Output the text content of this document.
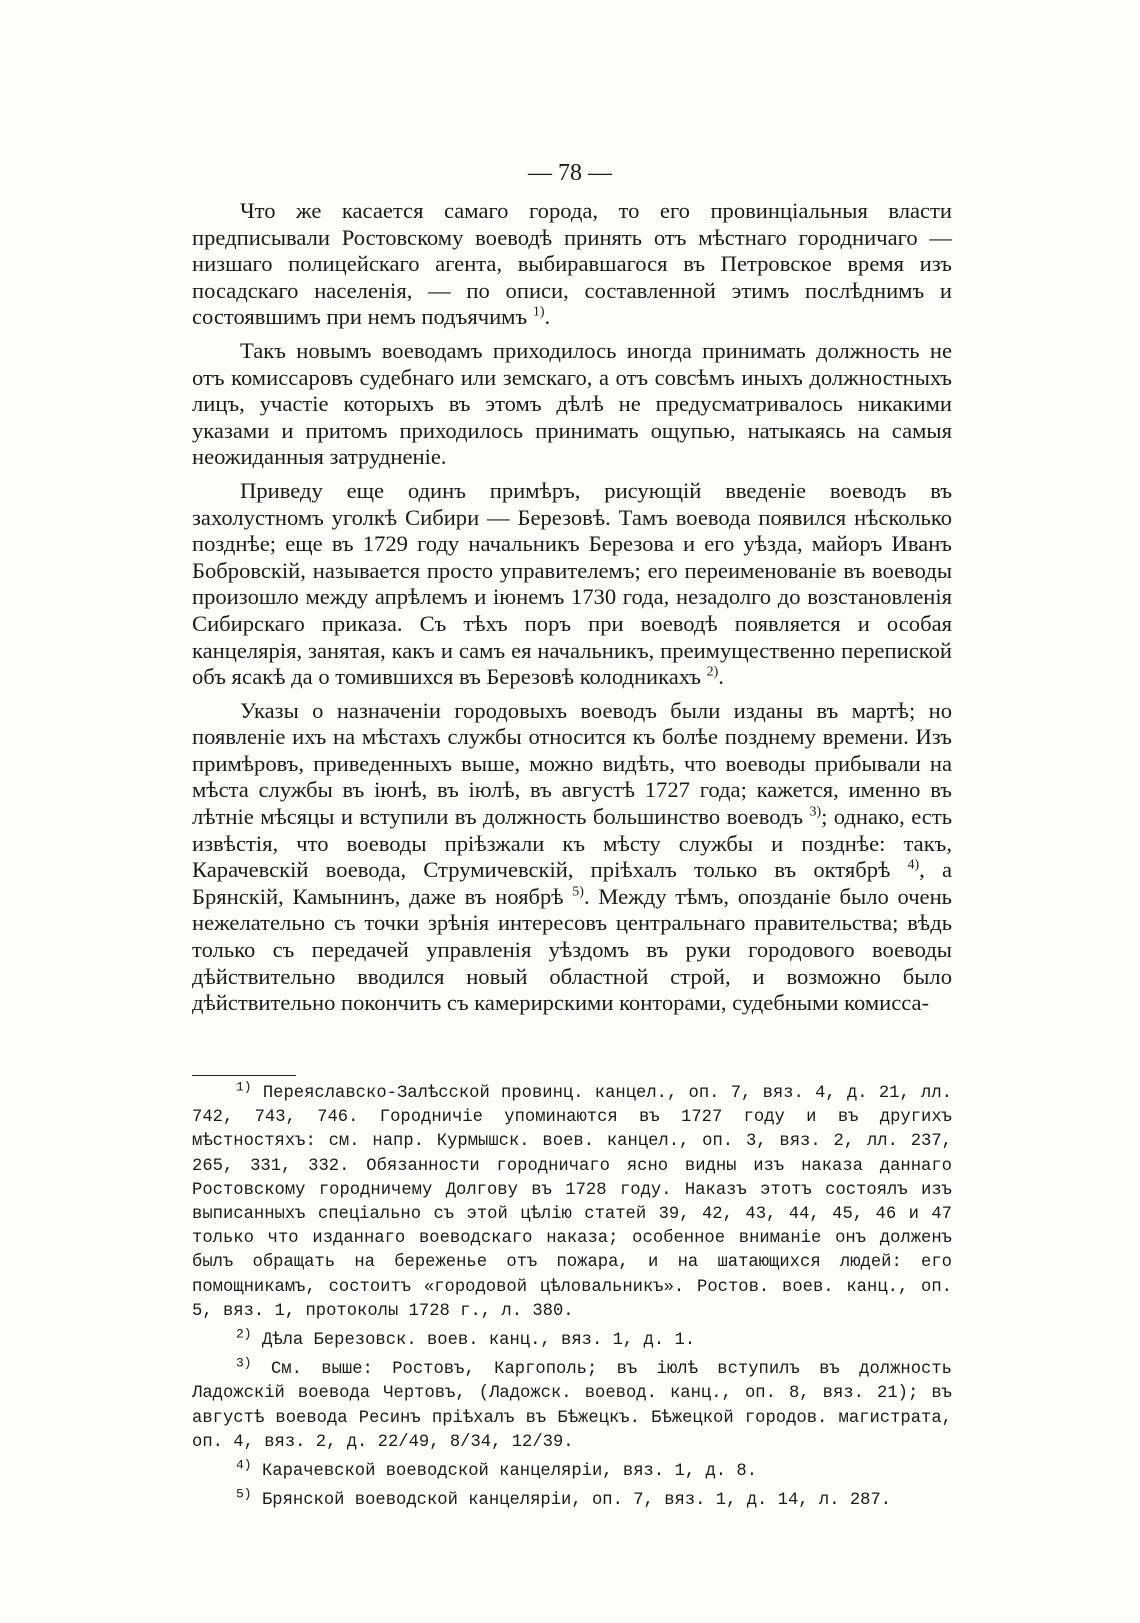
— 78 —

Что же касается самаго города, то его провинціальныя власти предписывали Ростовскому воеводѣ принять отъ мѣстнаго городничаго — низшаго полицейскаго агента, выбиравшагося въ Петровское время изъ посадскаго населенія, — по описи, составленной этимъ послѣднимъ и состоявшимъ при немъ подъячимъ $^{1)}$.

Такъ новымъ воеводамъ приходилось иногда принимать должность не отъ комиссаровъ судебнаго или земскаго, а отъ совсѣмъ иныхъ должностныхъ лицъ, участіе которыхъ въ этомъ дѣлѣ не предусматривалось никакими указами и притомъ приходилось принимать ощупью, натыкаясь на самыя неожиданныя затрудненіе.

Приведу еще одинъ примѣръ, рисующій введеніе воеводъ въ захолустномъ уголкѣ Сибири — Березовѣ. Тамъ воевода появился нѣсколько позднѣе; еще въ 1729 году начальникъ Березова и его уѣзда, майоръ Иванъ Бобровскій, называется просто управителемъ; его переименованіе въ воеводы произошло между апрѣлемъ и іюнемъ 1730 года, незадолго до возстановленія Сибирскаго приказа. Съ тѣхъ поръ при воеводѣ появляется и особая канцелярія, занятая, какъ и самъ ея начальникъ, преимущественно перепиской объ ясакѣ да о томившихся въ Березовѣ колодникахъ $^{2)}$.

Указы о назначеніи городовыхъ воеводъ были изданы въ мартѣ; но появленіе ихъ на мѣстахъ службы относится къ болѣе позднему времени. Изъ примѣровъ, приведенныхъ выше, можно видѣть, что воеводы прибывали на мѣста службы въ іюнѣ, въ іюлѣ, въ августѣ 1727 года; кажется, именно въ лѣтніе мѣсяцы и вступили въ должность большинство воеводъ $^{3)}$; однако, есть извѣстія, что воеводы пріѣзжали къ мѣсту службы и позднѣе: такъ, Карачевскій воевода, Струмичевскій, пріѣхалъ только въ октябрѣ $^{4)}$, а Брянскій, Камынинъ, даже въ ноябрѣ $^{5)}$. Между тѣмъ, опозданіе было очень нежелательно съ точки зрѣнія интересовъ центральнаго правительства; вѣдь только съ передачей управленія уѣздомъ въ руки городового воеводы дѣйствительно вводился новый областной строй, и возможно было дѣйствительно покончить съ камерирскими конторами, судебными комисса-

$^{1)}$ Переяславско-Залѣсской провинц. канцел., оп. 7, вяз. 4, д. 21, лл. 742, 743, 746. Городничіе упоминаются въ 1727 году и въ другихъ мѣстностяхъ: см. напр. Курмышск. воев. канцел., оп. 3, вяз. 2, лл. 237, 265, 331, 332. Обязанности городничаго ясно видны изъ наказа даннаго Ростовскому городничему Долгову въ 1728 году. Наказъ этотъ состоялъ изъ выписанныхъ спеціально съ этой цѣлію статей 39, 42, 43, 44, 45, 46 и 47 только что изданнаго воеводскаго наказа; особенное вниманіе онъ долженъ былъ обращать на береженье отъ пожара, и на шатающихся людей: его помощникамъ, состоитъ «городовой цѣловальникъ». Ростов. воев. канц., оп. 5, вяз. 1, протоколы 1728 г., л. 380.

$^{2)}$ Дѣла Березовск. воев. канц., вяз. 1, д. 1.

$^{3)}$ См. выше: Ростовъ, Каргополь; въ іюлѣ вступилъ въ должность Ладожскій воевода Чертовъ, (Ладожск. воевод. канц., оп. 8, вяз. 21); въ августѣ воевода Ресинъ пріѣхалъ въ Бѣжецкъ. Бѣжецкой городов. магистрата, оп. 4, вяз. 2, д. 22/49, 8/34, 12/39.

$^{4)}$ Карачевской воеводской канцеляріи, вяз. 1, д. 8.

$^{5)}$ Брянской воеводской канцеляріи, оп. 7, вяз. 1, д. 14, л. 287.
